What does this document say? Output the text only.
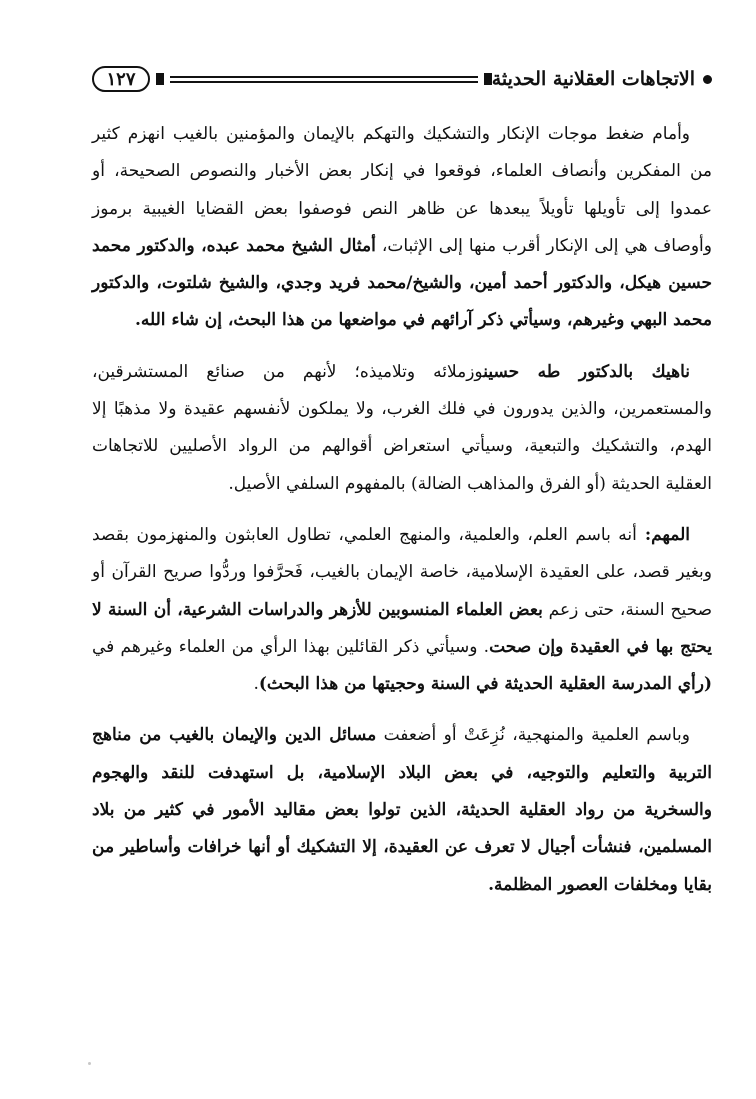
الاتجاهات العقلانية الحديثة
١٢٧

وأمام ضغط موجات الإنكار والتشكيك والتهكم بالإيمان والمؤمنين بالغيب انهزم كثير من المفكرين وأنصاف العلماء، فوقعوا في إنكار بعض الأخبار والنصوص الصحيحة، أو عمدوا إلى تأويلها تأويلاً يبعدها عن ظاهر النص فوصفوا بعض القضايا الغيبية برموز وأوصاف هي إلى الإنكار أقرب منها إلى الإثبات، أمثال الشيخ محمد عبده، والدكتور محمد حسين هيكل، والدكتور أحمد أمين، والشيخ/محمد فريد وجدي، والشيخ شلتوت، والدكتور محمد البهي وغيرهم، وسيأتي ذكر آرائهم في مواضعها من هذا البحث، إن شاء الله.

ناهيك بالدكتور طه حسينوزملائه وتلاميذه؛ لأنهم من صنائع المستشرقين، والمستعمرين، والذين يدورون في فلك الغرب، ولا يملكون لأنفسهم عقيدة ولا مذهبًا إلا الهدم، والتشكيك والتبعية، وسيأتي استعراض أقوالهم من الرواد الأصليين للاتجاهات العقلية الحديثة (أو الفرق والمذاهب الضالة) بالمفهوم السلفي الأصيل.

المهم: أنه باسم العلم، والعلمية، والمنهج العلمي، تطاول العابثون والمنهزمون بقصد وبغير قصد، على العقيدة الإسلامية، خاصة الإيمان بالغيب، فَحرَّفوا وردُّوا صريح القرآن أو صحيح السنة، حتى زعم بعض العلماء المنسوبين للأزهر والدراسات الشرعية، أن السنة لا يحتج بها في العقيدة وإن صحت. وسيأتي ذكر القائلين بهذا الرأي من العلماء وغيرهم في (رأي المدرسة العقلية الحديثة في السنة وحجيتها من هذا البحث).

وباسم العلمية والمنهجية، نُزِعَتْ أو أضعفت مسائل الدين والإيمان بالغيب من مناهج التربية والتعليم والتوجيه، في بعض البلاد الإسلامية، بل استهدفت للنقد والهجوم والسخرية من رواد العقلية الحديثة، الذين تولوا بعض مقاليد الأمور في كثير من بلاد المسلمين، فنشأت أجيال لا تعرف عن العقيدة، إلا التشكيك أو أنها خرافات وأساطير من بقايا ومخلفات العصور المظلمة.
